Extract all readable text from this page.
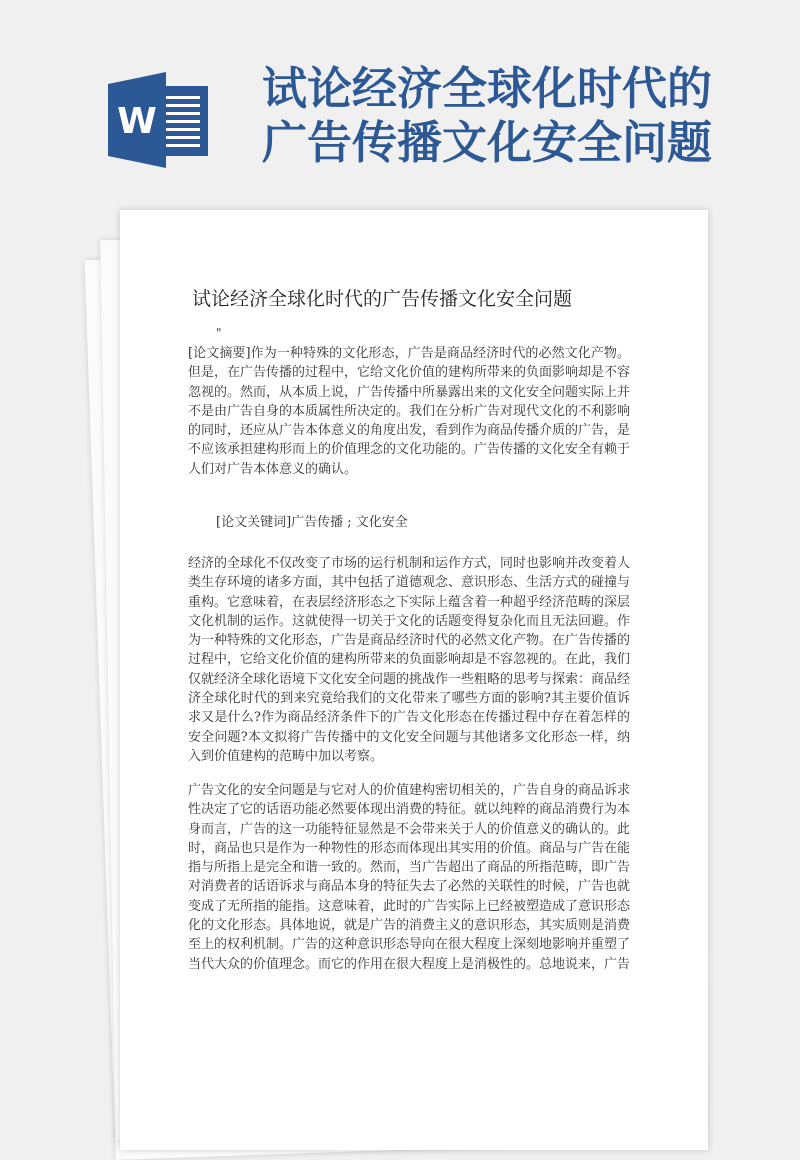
W
试论经济全球化时代的
广告传播文化安全问题
试论经济全球化时代的广告传播文化安全问题
"
[论文摘要]作为一种特殊的文化形态，广告是商品经济时代的必然文化产物。但是，在广告传播的过程中，它给文化价值的建构所带来的负面影响却是不容忽视的。然而，从本质上说，广告传播中所暴露出来的文化安全问题实际上并不是由广告自身的本质属性所决定的。我们在分析广告对现代文化的不利影响的同时，还应从广告本体意义的角度出发，看到作为商品传播介质的广告，是不应该承担建构形而上的价值理念的文化功能的。广告传播的文化安全有赖于人们对广告本体意义的确认。
[论文关键词]广告传播 ; 文化安全
经济的全球化不仅改变了市场的运行机制和运作方式，同时也影响并改变着人类生存环境的诸多方面，其中包括了道德观念、意识形态、生活方式的碰撞与重构。它意味着，在表层经济形态之下实际上蕴含着一种超乎经济范畴的深层文化机制的运作。这就使得一切关于文化的话题变得复杂化而且无法回避。作为一种特殊的文化形态，广告是商品经济时代的必然文化产物。在广告传播的过程中，它给文化价值的建构所带来的负面影响却是不容忽视的。在此，我们仅就经济全球化语境下文化安全问题的挑战作一些粗略的思考与探索：商品经济全球化时代的到来究竟给我们的文化带来了哪些方面的影响?其主要价值诉求又是什么?作为商品经济条件下的广告文化形态在传播过程中存在着怎样的安全问题?本文拟将广告传播中的文化安全问题与其他诸多文化形态一样，纳入到价值建构的范畴中加以考察。
广告文化的安全问题是与它对人的价值建构密切相关的，广告自身的商品诉求性决定了它的话语功能必然要体现出消费的特征。就以纯粹的商品消费行为本身而言，广告的这一功能特征显然是不会带来关于人的价值意义的确认的。此时，商品也只是作为一种物性的形态而体现出其实用的价值。商品与广告在能指与所指上是完全和谐一致的。然而，当广告超出了商品的所指范畴，即广告对消费者的话语诉求与商品本身的特征失去了必然的关联性的时候，广告也就变成了无所指的能指。这意味着，此时的广告实际上已经被塑造成了意识形态化的文化形态。具体地说，就是广告的消费主义的意识形态，其实质则是消费至上的权利机制。广告的这种意识形态导向在很大程度上深刻地影响并重塑了当代大众的价值理念。而它的作用在很大程度上是消极性的。总地说来，广告
